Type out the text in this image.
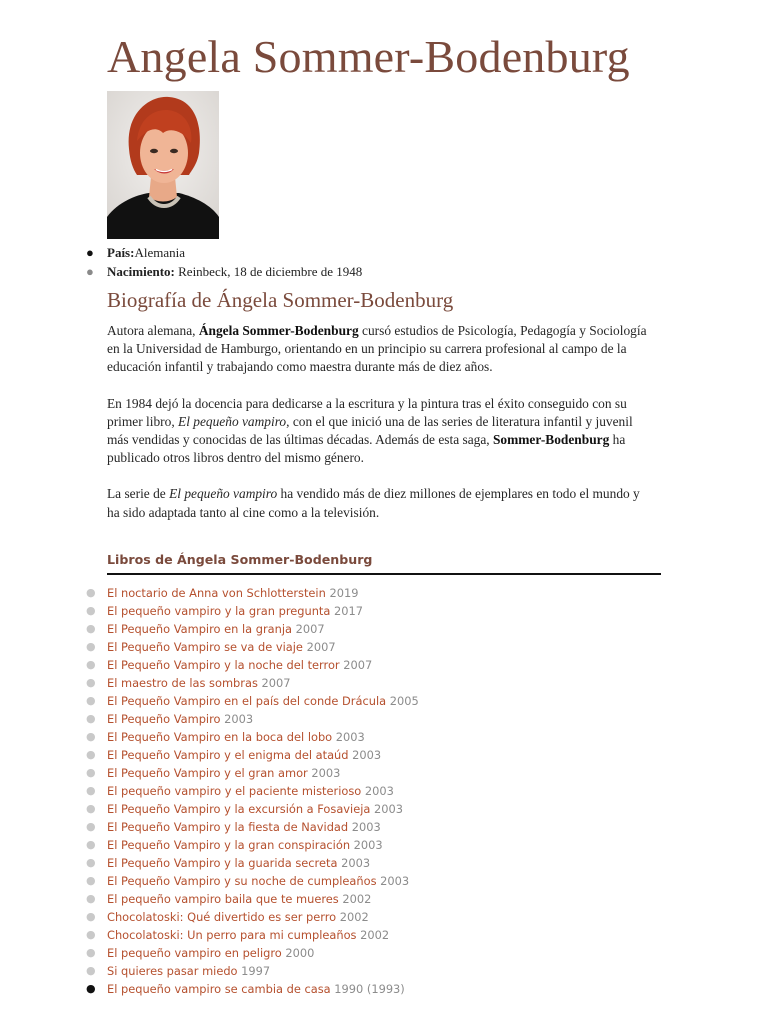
Angela Sommer-Bodenburg
● País:Alemania
● Nacimiento: Reinbeck, 18 de diciembre de 1948
Biografía de Ángela Sommer-Bodenburg

Autora alemana, Ángela Sommer-Bodenburg cursó estudios de Psicología, Pedagogía y Sociología en la Universidad de Hamburgo, orientando en un principio su carrera profesional al campo de la educación infantil y trabajando como maestra durante más de diez años.

En 1984 dejó la docencia para dedicarse a la escritura y la pintura tras el éxito conseguido con su primer libro, El pequeño vampiro, con el que inició una de las series de literatura infantil y juvenil más vendidas y conocidas de las últimas décadas. Además de esta saga, Sommer-Bodenburg ha publicado otros libros dentro del mismo género.

La serie de El pequeño vampiro ha vendido más de diez millones de ejemplares en todo el mundo y ha sido adaptada tanto al cine como a la televisión.

Libros de Ángela Sommer-Bodenburg
● El noctario de Anna von Schlotterstein 2019
● El pequeño vampiro y la gran pregunta 2017
● El Pequeño Vampiro en la granja 2007
● El Pequeño Vampiro se va de viaje 2007
● El Pequeño Vampiro y la noche del terror 2007
● El maestro de las sombras 2007
● El Pequeño Vampiro en el país del conde Drácula 2005
● El Pequeño Vampiro 2003
● El Pequeño Vampiro en la boca del lobo 2003
● El Pequeño Vampiro y el enigma del ataúd 2003
● El Pequeño Vampiro y el gran amor 2003
● El pequeño vampiro y el paciente misterioso 2003
● El Pequeño Vampiro y la excursión a Fosavieja 2003
● El Pequeño Vampiro y la fiesta de Navidad 2003
● El Pequeño Vampiro y la gran conspiración 2003
● El Pequeño Vampiro y la guarida secreta 2003
● El Pequeño Vampiro y su noche de cumpleaños 2003
● El pequeño vampiro baila que te mueres 2002
● Chocolatoski: Qué divertido es ser perro 2002
● Chocolatoski: Un perro para mi cumpleaños 2002
● El pequeño vampiro en peligro 2000
● Si quieres pasar miedo 1997
● El pequeño vampiro se cambia de casa 1990 (1993)
